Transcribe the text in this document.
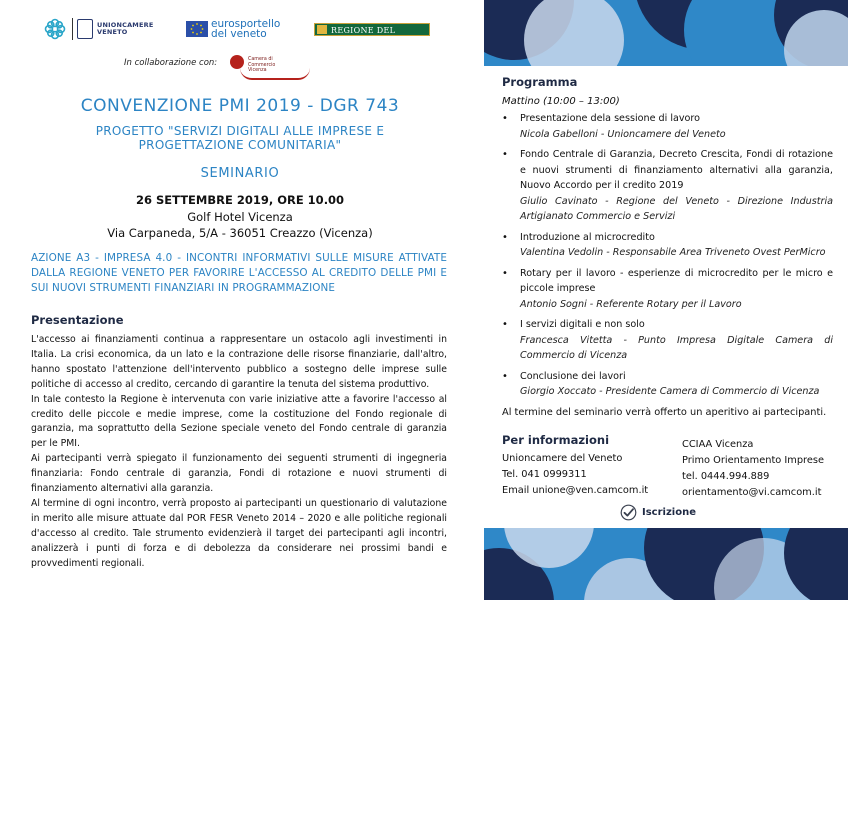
UNIONCAMERE VENETO
eurosportello
del veneto	REGIONE DEL VENETO
In collaborazione con:	Camera di Commercio Vicenza
CONVENZIONE PMI 2019 - DGR 743
PROGETTO "SERVIZI DIGITALI ALLE IMPRESE E PROGETTAZIONE COMUNITARIA"
SEMINARIO
26 SETTEMBRE 2019, ORE 10.00
Golf Hotel Vicenza
Via Carpaneda, 5/A - 36051 Creazzo (Vicenza)
AZIONE A3 - IMPRESA 4.0 - INCONTRI INFORMATIVI SULLE MISURE ATTIVATE DALLA REGIONE VENETO PER FAVORIRE L'ACCESSO AL CREDITO DELLE PMI E SUI NUOVI STRUMENTI FINANZIARI IN PROGRAMMAZIONE
Presentazione

L'accesso ai finanziamenti continua a rappresentare un ostacolo agli investimenti in Italia. La crisi economica, da un lato e la contrazione delle risorse finanziarie, dall'altro, hanno spostato l'attenzione dell'intervento pubblico a sostegno delle imprese sulle politiche di accesso al credito, cercando di garantire la tenuta del sistema produttivo.

In tale contesto la Regione è intervenuta con varie iniziative atte a favorire l'accesso al credito delle piccole e medie imprese, come la costituzione del Fondo regionale di garanzia, ma soprattutto della Sezione speciale veneto del Fondo centrale di garanzia per le PMI.

Ai partecipanti verrà spiegato il funzionamento dei seguenti strumenti di ingegneria finanziaria: Fondo centrale di garanzia, Fondi di rotazione e nuovi strumenti di finanziamento alternativi alla garanzia.

Al termine di ogni incontro, verrà proposto ai partecipanti un questionario di valutazione in merito alle misure attuate dal POR FESR Veneto 2014 – 2020 e alle politiche regionali d'accesso al credito. Tale strumento evidenzierà il target dei partecipanti agli incontri, analizzerà i punti di forza e di debolezza da considerare nei prossimi bandi e provvedimenti regionali.

Programma
Mattino (10:00 – 13:00)
• Presentazione dela sessione di lavoro
Nicola Gabelloni - Unioncamere del Veneto
• Fondo Centrale di Garanzia, Decreto Crescita, Fondi di rotazione e nuovi strumenti di finanziamento alternativi alla garanzia, Nuovo Accordo per il credito 2019
Giulio Cavinato - Regione del Veneto - Direzione Industria Artigianato Commercio e Servizi
• Introduzione al microcredito
Valentina Vedolin - Responsabile Area Triveneto Ovest PerMicro
• Rotary per il lavoro - esperienze di microcredito per le micro e piccole imprese
Antonio Sogni - Referente Rotary per il Lavoro
• I servizi digitali e non solo
Francesca Vitetta - Punto Impresa Digitale Camera di Commercio di Vicenza
• Conclusione dei lavori
Giorgio Xoccato - Presidente Camera di Commercio di Vicenza
Al termine del seminario verrà offerto un aperitivo ai partecipanti.
Per informazioni
Unioncamere del Veneto
Tel. 041 0999311
Email unione@ven.camcom.it
CCIAA Vicenza
Primo Orientamento Imprese
tel. 0444.994.889
orientamento@vi.camcom.it
Iscrizione
